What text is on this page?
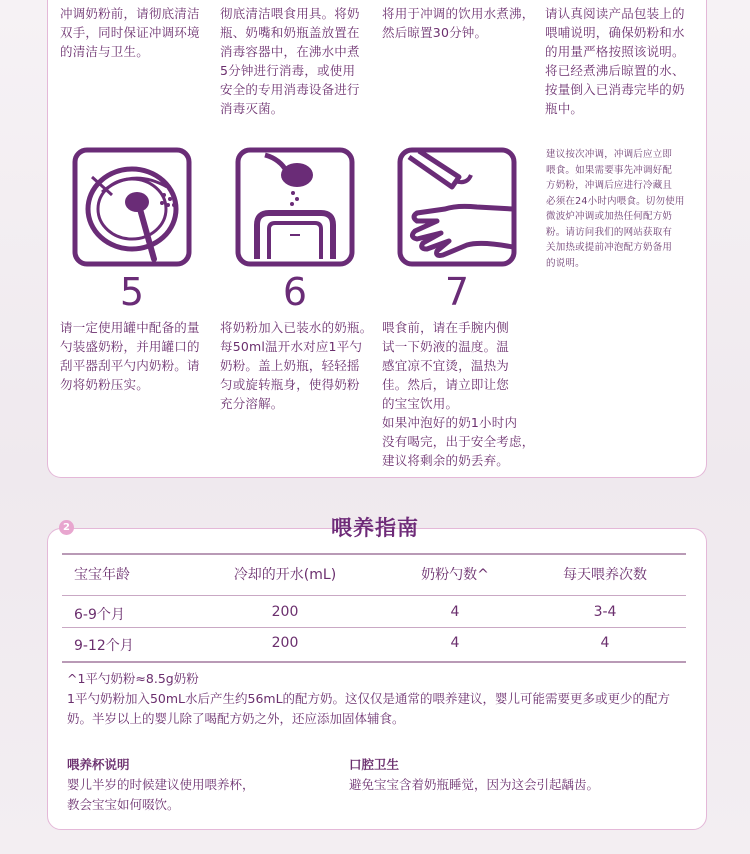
冲调奶粉前，请彻底清洁
双手，同时保证冲调环境
的清洁与卫生。
彻底清洁喂食用具。将奶
瓶、奶嘴和奶瓶盖放置在
消毒容器中，在沸水中煮
5分钟进行消毒，或使用
安全的专用消毒设备进行
消毒灭菌。
将用于冲调的饮用水煮沸，
然后晾置30分钟。
请认真阅读产品包装上的
喂哺说明，确保奶粉和水
的用量严格按照该说明。
将已经煮沸后晾置的水、
按量倒入已消毒完毕的奶
瓶中。
5	6	7
建议按次冲调，冲调后应立即
喂食。如果需要事先冲调好配
方奶粉，冲调后应进行冷藏且
必须在24小时内喂食。切勿使用
微波炉冲调或加热任何配方奶
粉。请访问我们的网站获取有
关加热或提前冲泡配方奶备用
的说明。
请一定使用罐中配备的量
勺装盛奶粉，并用罐口的
刮平器刮平勺内奶粉。请
勿将奶粉压实。
将奶粉加入已装水的奶瓶。
每50ml温开水对应1平勺
奶粉。盖上奶瓶，轻轻摇
匀或旋转瓶身，使得奶粉
充分溶解。
喂食前，请在手腕内侧
试一下奶液的温度。温
感宜凉不宜烫，温热为
佳。然后，请立即让您
的宝宝饮用。
如果冲泡好的奶1小时内
没有喝完，出于安全考虑，
建议将剩余的奶丢弃。
2	喂养指南
宝宝年龄	冷却的开水(mL)	奶粉勺数^	每天喂养次数
6-9个月	200	4	3-4
9-12个月	200	4	4
^1平勺奶粉≈8.5g奶粉
1平勺奶粉加入50mL水后产生约56mL的配方奶。这仅仅是通常的喂养建议，婴儿可能需要更多或更少的配方
奶。半岁以上的婴儿除了喝配方奶之外，还应添加固体辅食。
喂养杯说明
婴儿半岁的时候建议使用喂养杯，
教会宝宝如何啜饮。
口腔卫生
避免宝宝含着奶瓶睡觉，因为这会引起龋齿。
